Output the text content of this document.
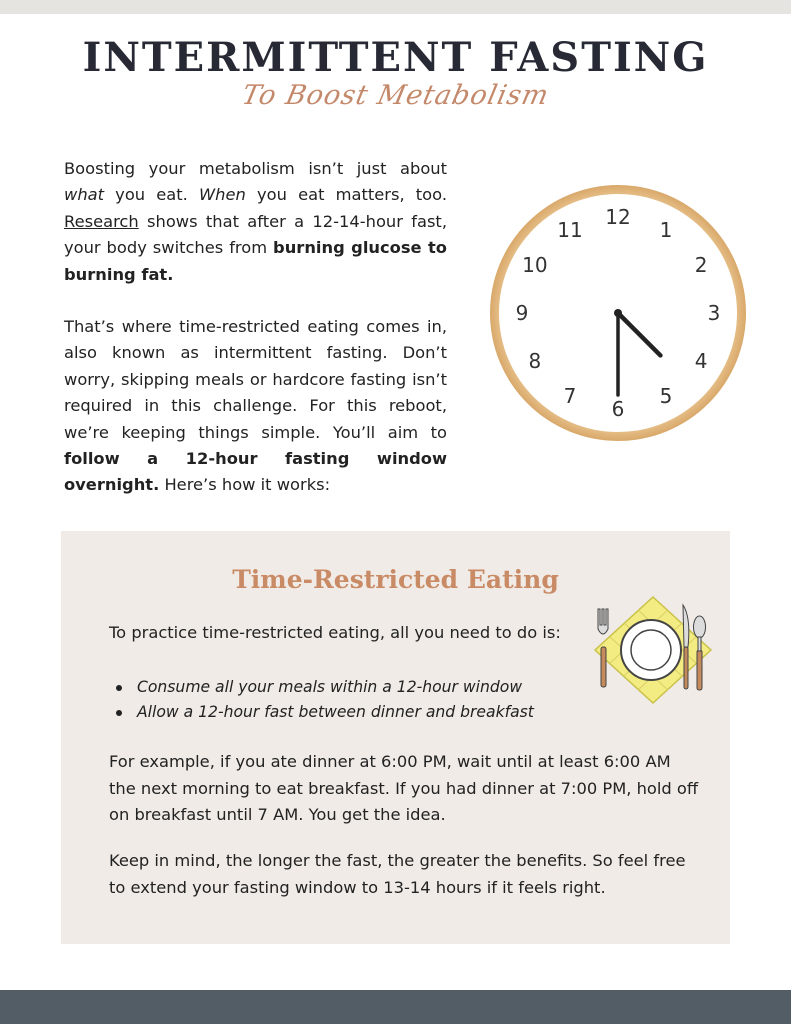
INTERMITTENT FASTING
To Boost Metabolism

Boosting your metabolism isn’t just about what you eat. When you eat matters, too. Research shows that after a 12-14-hour fast, your body switches from burning glucose to burning fat.

That’s where time-restricted eating comes in, also known as intermittent fasting. Don’t worry, skipping meals or hardcore fasting isn’t required in this challenge. For this reboot, we’re keeping things simple. You’ll aim to follow a 12-hour fasting window overnight. Here’s how it works:

12
1
2
3
4
5
6
7
8
9
10
11
Time-Restricted Eating

To practice time-restricted eating, all you need to do is:

Consume all your meals within a 12-hour window
Allow a 12-hour fast between dinner and breakfast

For example, if you ate dinner at 6:00 PM, wait until at least 6:00 AM the next morning to eat breakfast. If you had dinner at 7:00 PM, hold off on breakfast until 7 AM. You get the idea.

Keep in mind, the longer the fast, the greater the benefits. So feel free to extend your fasting window to 13-14 hours if it feels right.
